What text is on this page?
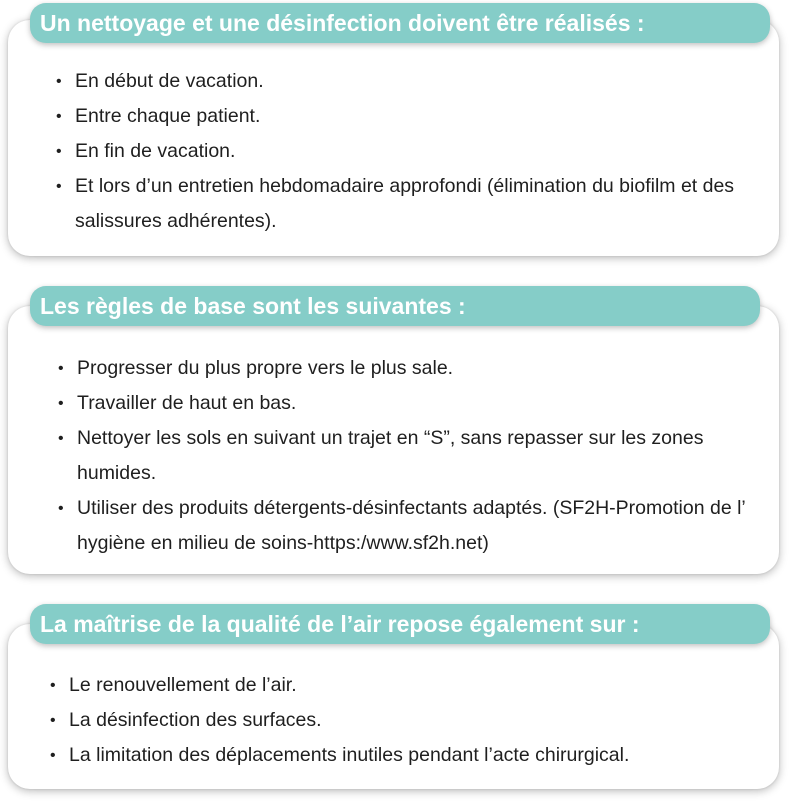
Un nettoyage et une désinfection doivent être réalisés :
• En début de vacation.
• Entre chaque patient.
• En fin de vacation.
• Et lors d’un entretien hebdomadaire approfondi (élimination du biofilm et des salissures adhérentes).
Les règles de base sont les suivantes :
• Progresser du plus propre vers le plus sale.
• Travailler de haut en bas.
• Nettoyer les sols en suivant un trajet en “S”, sans repasser sur les zones humides.
• Utiliser des produits détergents-désinfectants adaptés. (SF2H-Promotion de l’ hygiène en milieu de soins-https:/www.sf2h.net)
La maîtrise de la qualité de l’air repose également sur :
• Le renouvellement de l’air.
• La désinfection des surfaces.
• La limitation des déplacements inutiles pendant l’acte chirurgical.
